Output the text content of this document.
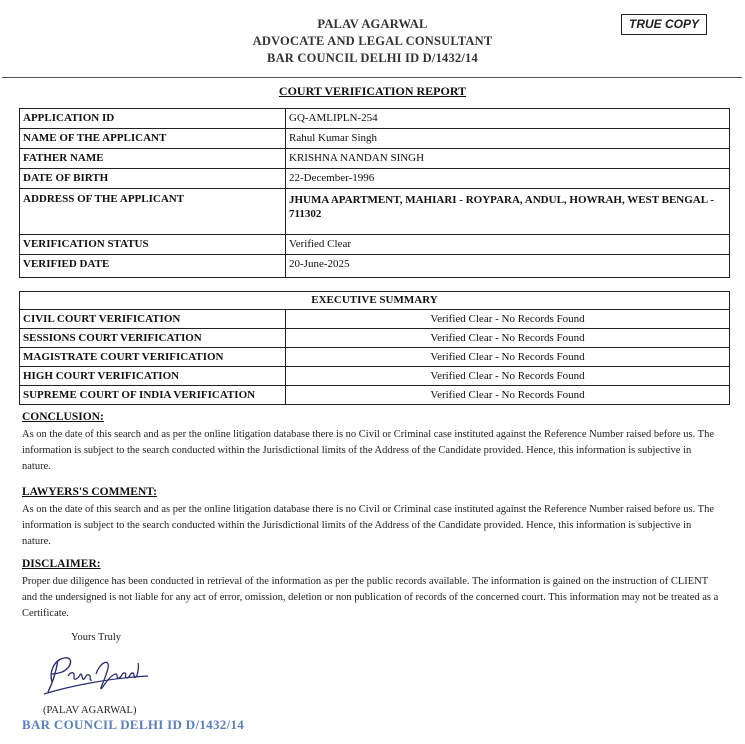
PALAV AGARWAL
ADVOCATE AND LEGAL CONSULTANT
BAR COUNCIL DELHI ID D/1432/14
TRUE COPY
COURT VERIFICATION REPORT
APPLICATION ID	GQ-AMLIPLN-254
NAME OF THE APPLICANT	Rahul Kumar Singh
FATHER NAME	KRISHNA NANDAN SINGH
DATE OF BIRTH	22-December-1996
ADDRESS OF THE APPLICANT	JHUMA APARTMENT, MAHIARI - ROYPARA, ANDUL, HOWRAH, WEST BENGAL - 711302
VERIFICATION STATUS	Verified Clear
VERIFIED DATE	20-June-2025
EXECUTIVE SUMMARY	
CIVIL COURT VERIFICATION	Verified Clear - No Records Found
SESSIONS COURT VERIFICATION	Verified Clear - No Records Found
MAGISTRATE COURT VERIFICATION	Verified Clear - No Records Found
HIGH COURT VERIFICATION	Verified Clear - No Records Found
SUPREME COURT OF INDIA VERIFICATION	Verified Clear - No Records Found
CONCLUSION:
As on the date of this search and as per the online litigation database there is no Civil or Criminal case instituted against the Reference Number raised before us. The information is subject to the search conducted within the Jurisdictional limits of the Address of the Candidate provided. Hence, this information is subjective in nature.
LAWYERS'S COMMENT:
As on the date of this search and as per the online litigation database there is no Civil or Criminal case instituted against the Reference Number raised before us. The information is subject to the search conducted within the Jurisdictional limits of the Address of the Candidate provided. Hence, this information is subjective in nature.
DISCLAIMER:
Proper due diligence has been conducted in retrieval of the information as per the public records available. The information is gained on the instruction of CLIENT and the undersigned is not liable for any act of error, omission, deletion or non publication of records of the concerned court. This information may not be treated as a Certificate.
Yours Truly
(PALAV AGARWAL)
BAR COUNCIL DELHI ID D/1432/14
